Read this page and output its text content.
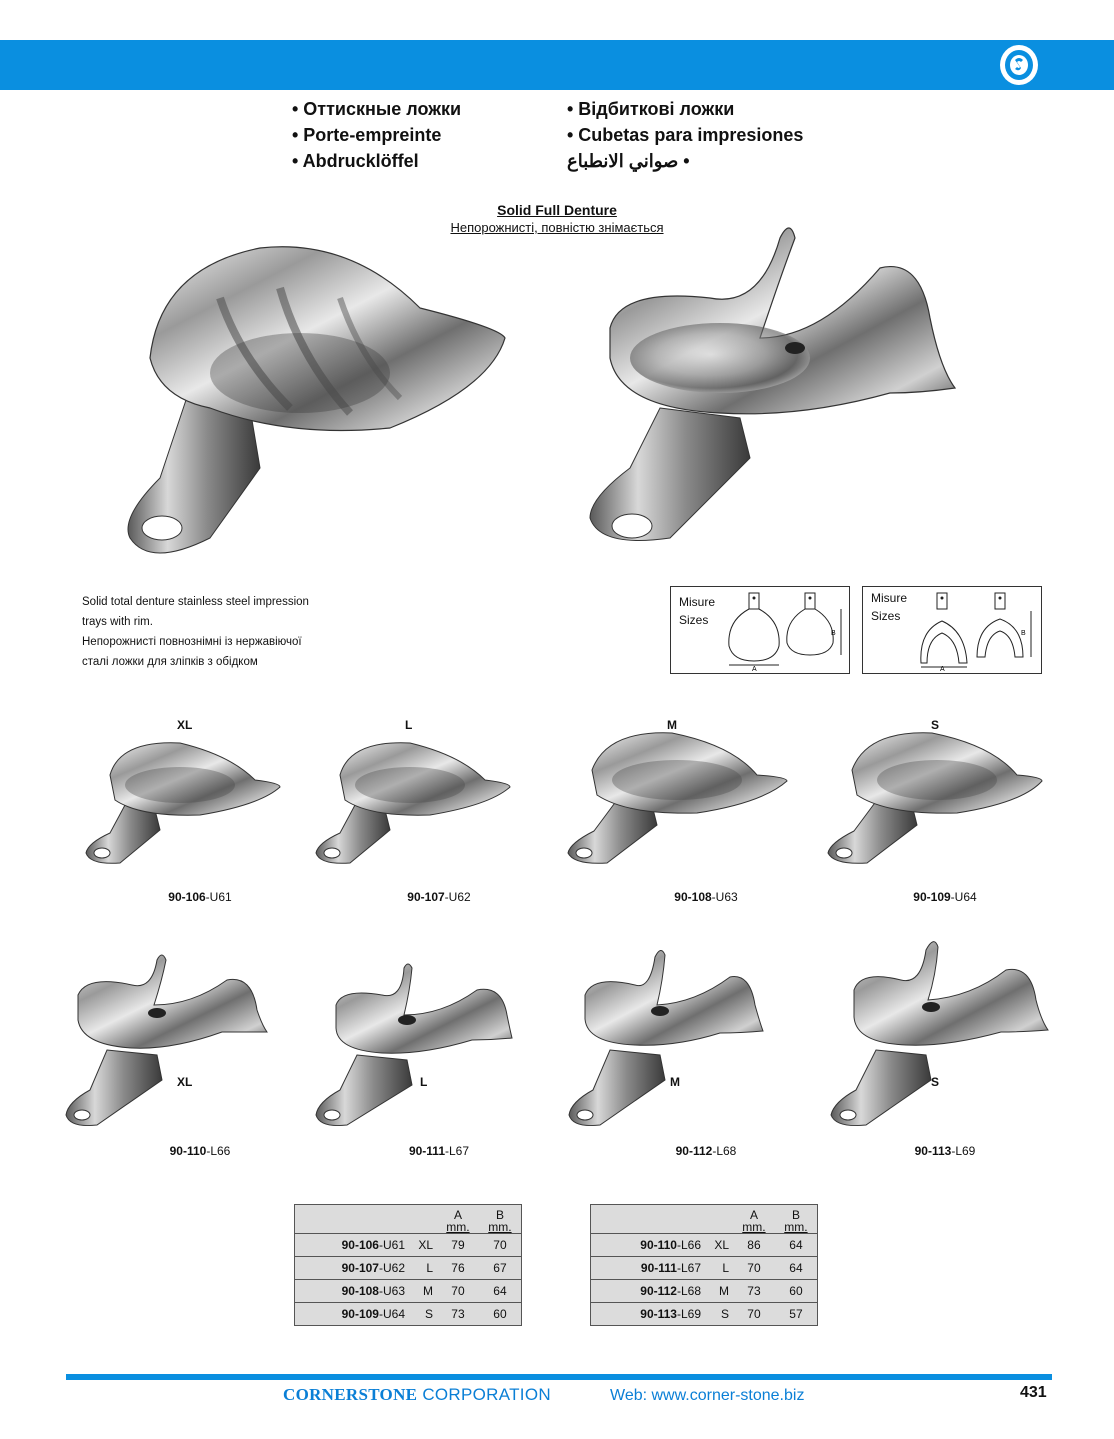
• Оттискные ложки
• Porte-empreinte
• Abdrucklöffel
• Відбиткові ложки
• Cubetas para impresiones
• صواني الانطباع
Solid Full Denture
Непорожнисті, повністю знімається
Solid total denture stainless steel impression
trays with rim.
Непорожнисті повнознімні із нержавіючої
сталі ложки для зліпків з обідком
Misure
Sizes
A
B
Misure
Sizes
A
B
XL	L	M	S
90-106-U61	90-107-U62	90-108-U63	90-109-U64
XL	L	M	S
90-110-L66	90-111-L67	90-112-L68	90-113-L69
		A
mm.	B
mm.
90-106-U61	XL	79	70
90-107-U62	L	76	67
90-108-U63	M	70	64
90-109-U64	S	73	60
		A
mm.	B
mm.
90-110-L66	XL	86	64
90-111-L67	L	70	64
90-112-L68	M	73	60
90-113-L69	S	70	57
CORNERSTONE CORPORATION	Web: www.corner-stone.biz	431
